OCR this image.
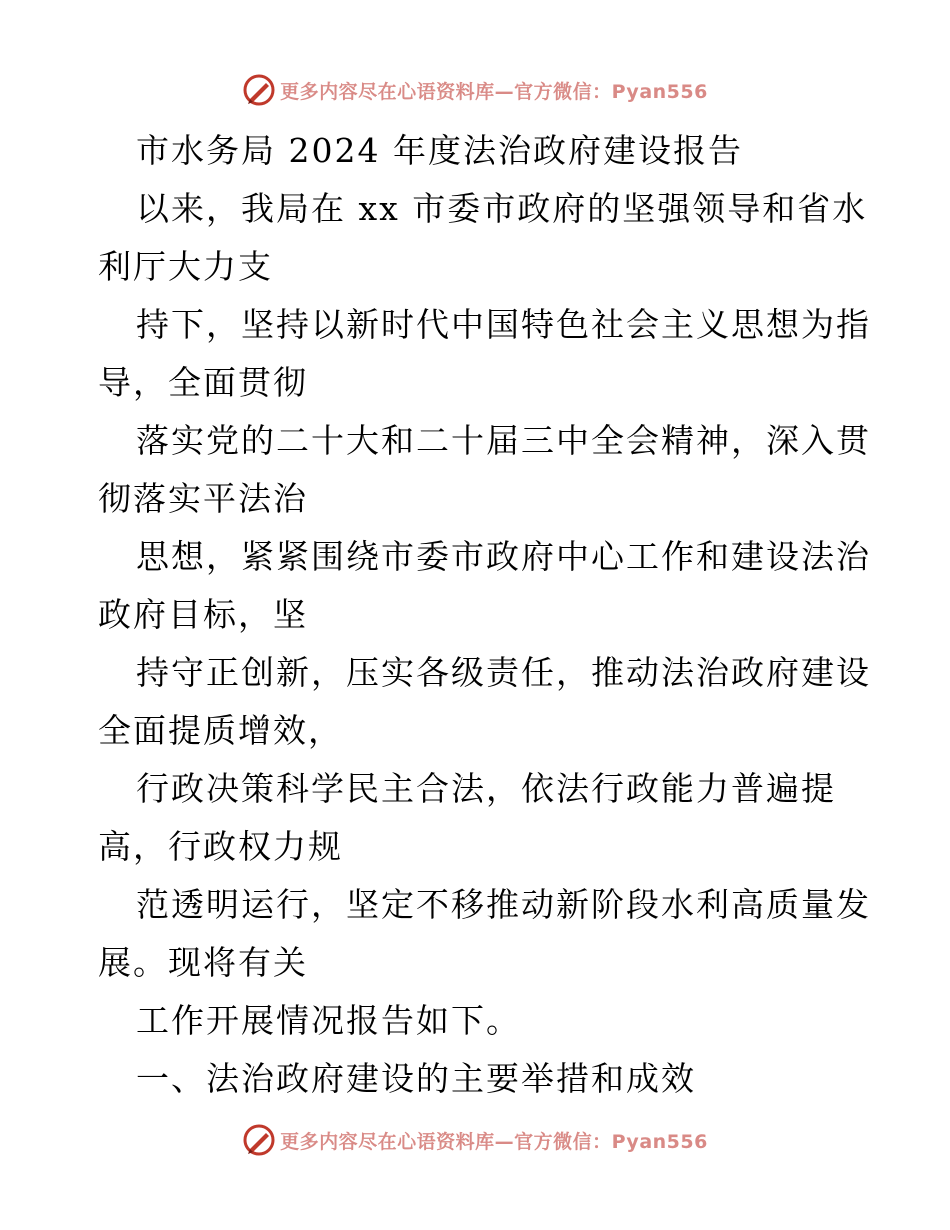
更多内容尽在心语资料库—官方微信：Pyan556
市水务局 2024 年度法治政府建设报告
以来，我局在 xx 市委市政府的坚强领导和省水
利厅大力支
持下，坚持以新时代中国特色社会主义思想为指
导，全面贯彻
落实党的二十大和二十届三中全会精神，深入贯
彻落实平法治
思想，紧紧围绕市委市政府中心工作和建设法治
政府目标，坚
持守正创新，压实各级责任，推动法治政府建设
全面提质增效，
行政决策科学民主合法，依法行政能力普遍提
高，行政权力规
范透明运行，坚定不移推动新阶段水利高质量发
展。现将有关
工作开展情况报告如下。
一、法治政府建设的主要举措和成效
更多内容尽在心语资料库—官方微信：Pyan556
